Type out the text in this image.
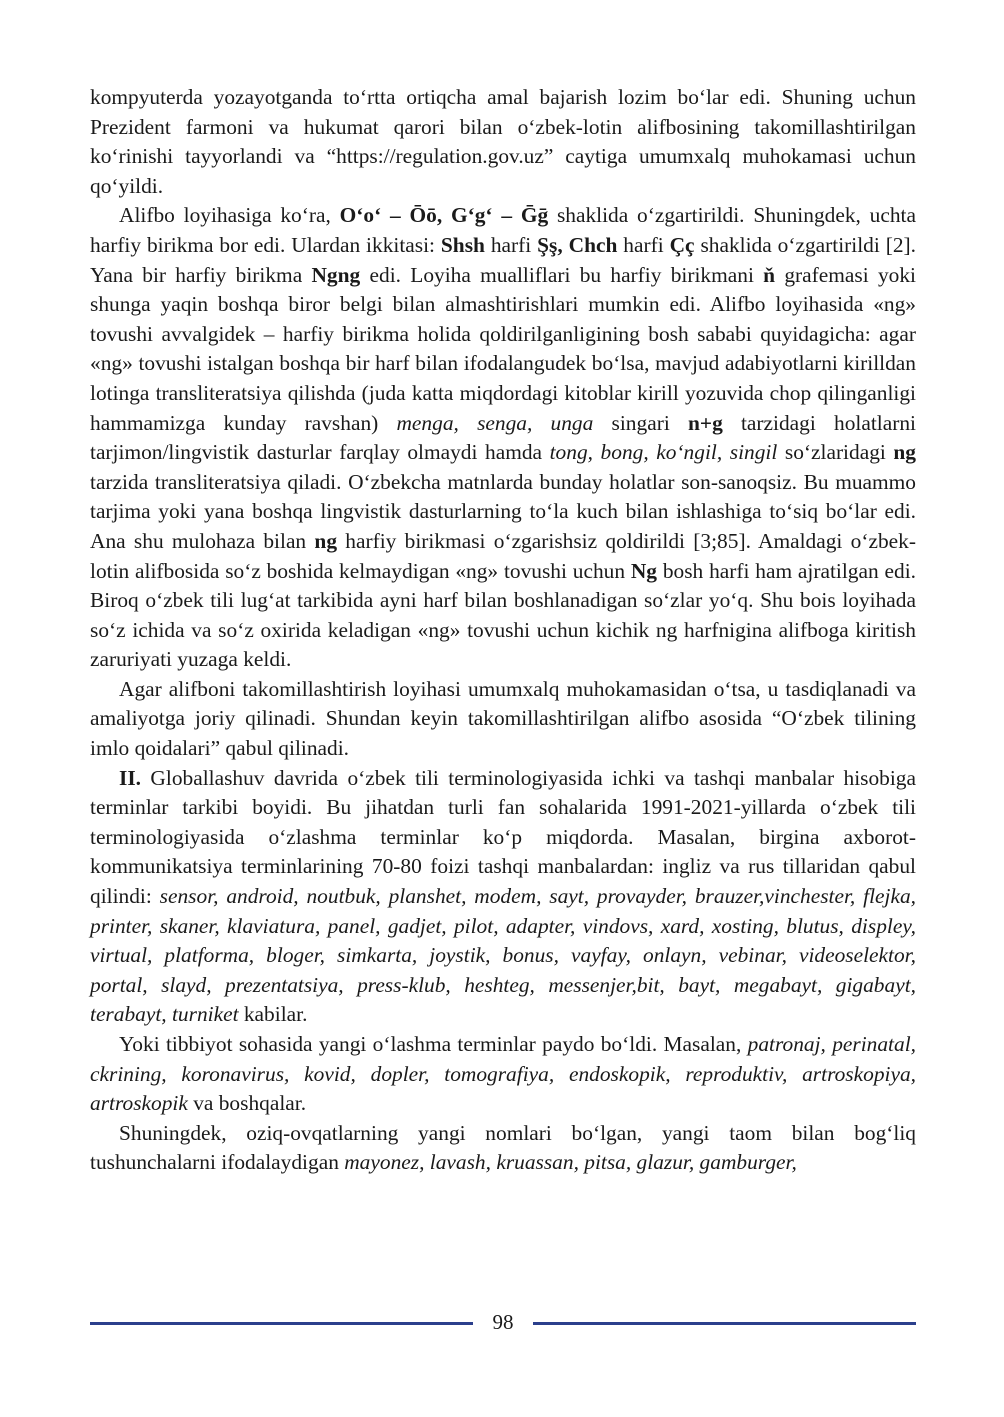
kompyuterda yozayotganda to‘rtta ortiqcha amal bajarish lozim bo‘lar edi. Shuning uchun Prezident farmoni va hukumat qarori bilan o‘zbek-lotin alifbosining takomillashtirilgan ko‘rinishi tayyorlandi va “https://regulation.gov.uz” caytiga umumxalq muhokamasi uchun qo‘yildi.

Alifbo loyihasiga ko‘ra, O‘o‘ – Ōō, G‘g‘ – Ḡḡ shaklida o‘zgartirildi. Shuningdek, uchta harfiy birikma bor edi. Ulardan ikkitasi: Shsh harfi Şş, Chch harfi Çç shaklida o‘zgartirildi [2]. Yana bir harfiy birikma Ngng edi. Loyiha mualliflari bu harfiy birikmani ň grafemasi yoki shunga yaqin boshqa biror belgi bilan almashtirishlari mumkin edi. Alifbo loyihasida «ng» tovushi avvalgidek – harfiy birikma holida qoldirilganligining bosh sababi quyidagicha: agar «ng» tovushi istalgan boshqa bir harf bilan ifodalangudek bo‘lsa, mavjud adabiyotlarni kirilldan lotinga transliteratsiya qilishda (juda katta miqdordagi kitoblar kirill yozuvida chop qilinganligi hammamizga kunday ravshan) menga, senga, unga singari n+g tarzidagi holatlarni tarjimon/lingvistik dasturlar farqlay olmaydi hamda tong, bong, ko‘ngil, singil so‘zlaridagi ng tarzida transliteratsiya qiladi. O‘zbekcha matnlarda bunday holatlar son-sanoqsiz. Bu muammo tarjima yoki yana boshqa lingvistik dasturlarning to‘la kuch bilan ishlashiga to‘siq bo‘lar edi. Ana shu mulohaza bilan ng harfiy birikmasi o‘zgarishsiz qoldirildi [3;85]. Amaldagi o‘zbek-lotin alifbosida so‘z boshida kelmaydigan «ng» tovushi uchun Ng bosh harfi ham ajratilgan edi. Biroq o‘zbek tili lug‘at tarkibida ayni harf bilan boshlanadigan so‘zlar yo‘q. Shu bois loyihada so‘z ichida va so‘z oxirida keladigan «ng» tovushi uchun kichik ng harfnigina alifboga kiritish zaruriyati yuzaga keldi.

Agar alifboni takomillashtirish loyihasi umumxalq muhokamasidan o‘tsa, u tasdiqlanadi va amaliyotga joriy qilinadi. Shundan keyin takomillashtirilgan alifbo asosida “O‘zbek tilining imlo qoidalari” qabul qilinadi.

II. Globallashuv davrida o‘zbek tili terminologiyasida ichki va tashqi manbalar hisobiga terminlar tarkibi boyidi. Bu jihatdan turli fan sohalarida 1991-2021-yillarda o‘zbek tili terminologiyasida o‘zlashma terminlar ko‘p miqdorda. Masalan, birgina axborot-kommunikatsiya terminlarining 70-80 foizi tashqi manbalardan: ingliz va rus tillaridan qabul qilindi: sensor, android, noutbuk, planshet, modem, sayt, provayder, brauzer,vinchester, flejka, printer, skaner, klaviatura, panel, gadjet, pilot, adapter, vindovs, xard, xosting, blutus, displey, virtual, platforma, bloger, simkarta, joystik, bonus, vayfay, onlayn, vebinar, videoselektor, portal, slayd, prezentatsiya, press-klub, heshteg, messenjer,bit, bayt, megabayt, gigabayt, terabayt, turniket kabilar.

Yoki tibbiyot sohasida yangi o‘lashma terminlar paydo bo‘ldi. Masalan, patronaj, perinatal, ckrining, koronavirus, kovid, dopler, tomografiya, endoskopik, reproduktiv, artroskopiya, artroskopik va boshqalar.

Shuningdek, oziq-ovqatlarning yangi nomlari bo‘lgan, yangi taom bilan bog‘liq tushunchalarni ifodalaydigan mayonez, lavash, kruassan, pitsa, glazur, gamburger,

98
